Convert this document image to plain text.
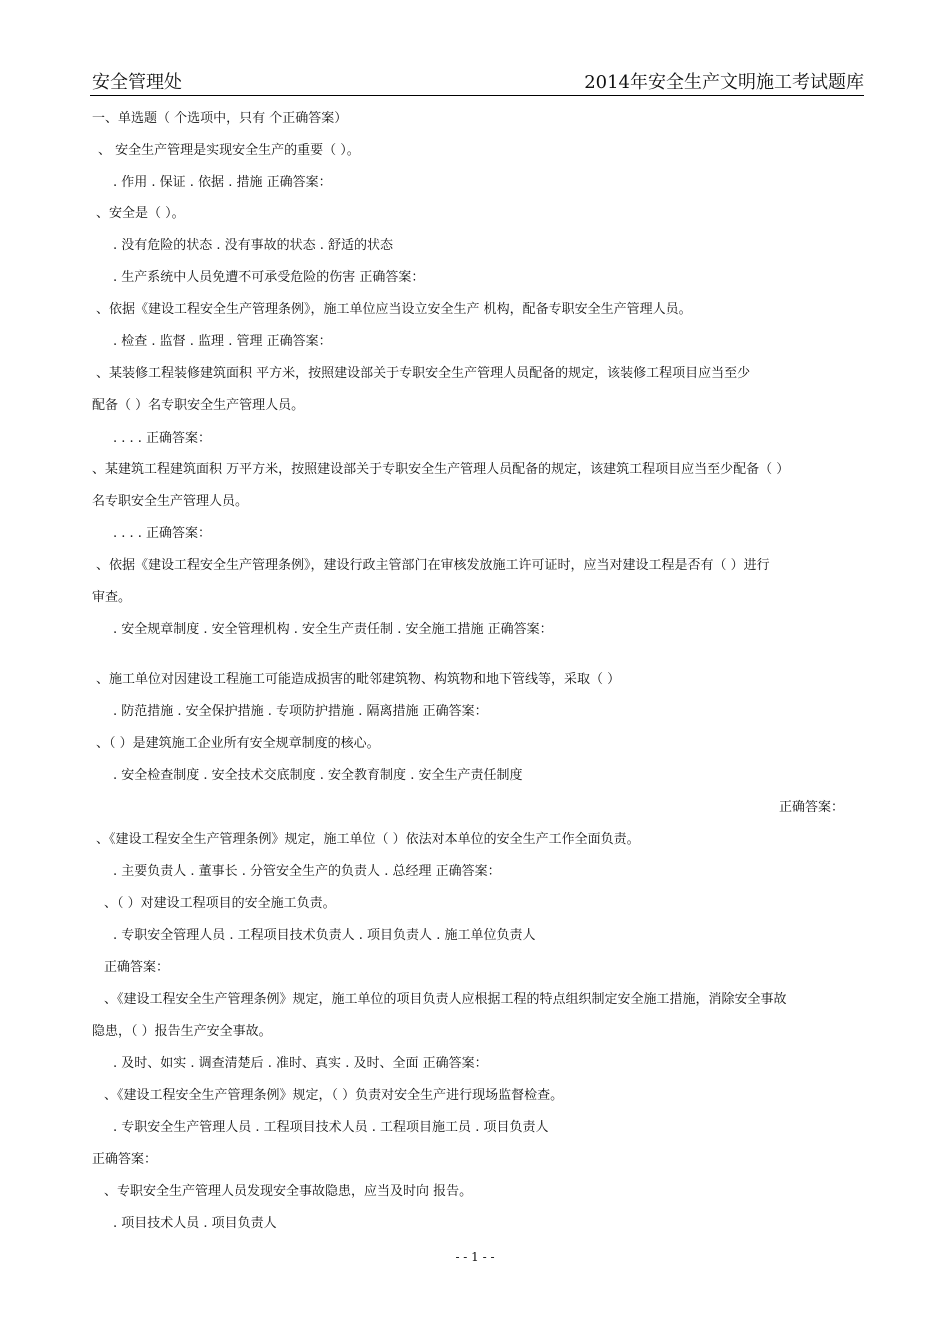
安全管理处	2014年安全生产文明施工考试题库
一、单选题（ 个选项中，只有 个正确答案）
、 安全生产管理是实现安全生产的重要（ ）。
. 作用 . 保证 . 依据 . 措施 正确答案：
、安全是（ ）。
. 没有危险的状态 . 没有事故的状态 . 舒适的状态
. 生产系统中人员免遭不可承受危险的伤害 正确答案：
、依据《建设工程安全生产管理条例》，施工单位应当设立安全生产 机构，配备专职安全生产管理人员。
. 检查 . 监督 . 监理 . 管理 正确答案：
、某装修工程装修建筑面积 平方米，按照建设部关于专职安全生产管理人员配备的规定，该装修工程项目应当至少
配备（ ）名专职安全生产管理人员。
. . . . 正确答案：
、某建筑工程建筑面积 万平方米，按照建设部关于专职安全生产管理人员配备的规定，该建筑工程项目应当至少配备（ ）
名专职安全生产管理人员。
. . . . 正确答案：
、依据《建设工程安全生产管理条例》，建设行政主管部门在审核发放施工许可证时，应当对建设工程是否有（ ）进行
审查。
. 安全规章制度 . 安全管理机构 . 安全生产责任制 . 安全施工措施 正确答案：
、施工单位对因建设工程施工可能造成损害的毗邻建筑物、构筑物和地下管线等，采取（ ）
. 防范措施 . 安全保护措施 . 专项防护措施 . 隔离措施 正确答案：
、（ ）是建筑施工企业所有安全规章制度的核心。
. 安全检查制度 . 安全技术交底制度 . 安全教育制度 . 安全生产责任制度
正确答案：
、《建设工程安全生产管理条例》规定，施工单位（ ）依法对本单位的安全生产工作全面负责。
. 主要负责人 . 董事长 . 分管安全生产的负责人 . 总经理 正确答案：
、（ ）对建设工程项目的安全施工负责。
. 专职安全管理人员 . 工程项目技术负责人 . 项目负责人 . 施工单位负责人
正确答案：
、《建设工程安全生产管理条例》规定，施工单位的项目负责人应根据工程的特点组织制定安全施工措施，消除安全事故
隐患，（ ）报告生产安全事故。
. 及时、如实 . 调查清楚后 . 准时、真实 . 及时、全面 正确答案：
、《建设工程安全生产管理条例》规定，（ ）负责对安全生产进行现场监督检查。
. 专职安全生产管理人员 . 工程项目技术人员 . 工程项目施工员 . 项目负责人
正确答案：
、专职安全生产管理人员发现安全事故隐患，应当及时向 报告。
. 项目技术人员 . 项目负责人
- - 1 - -
